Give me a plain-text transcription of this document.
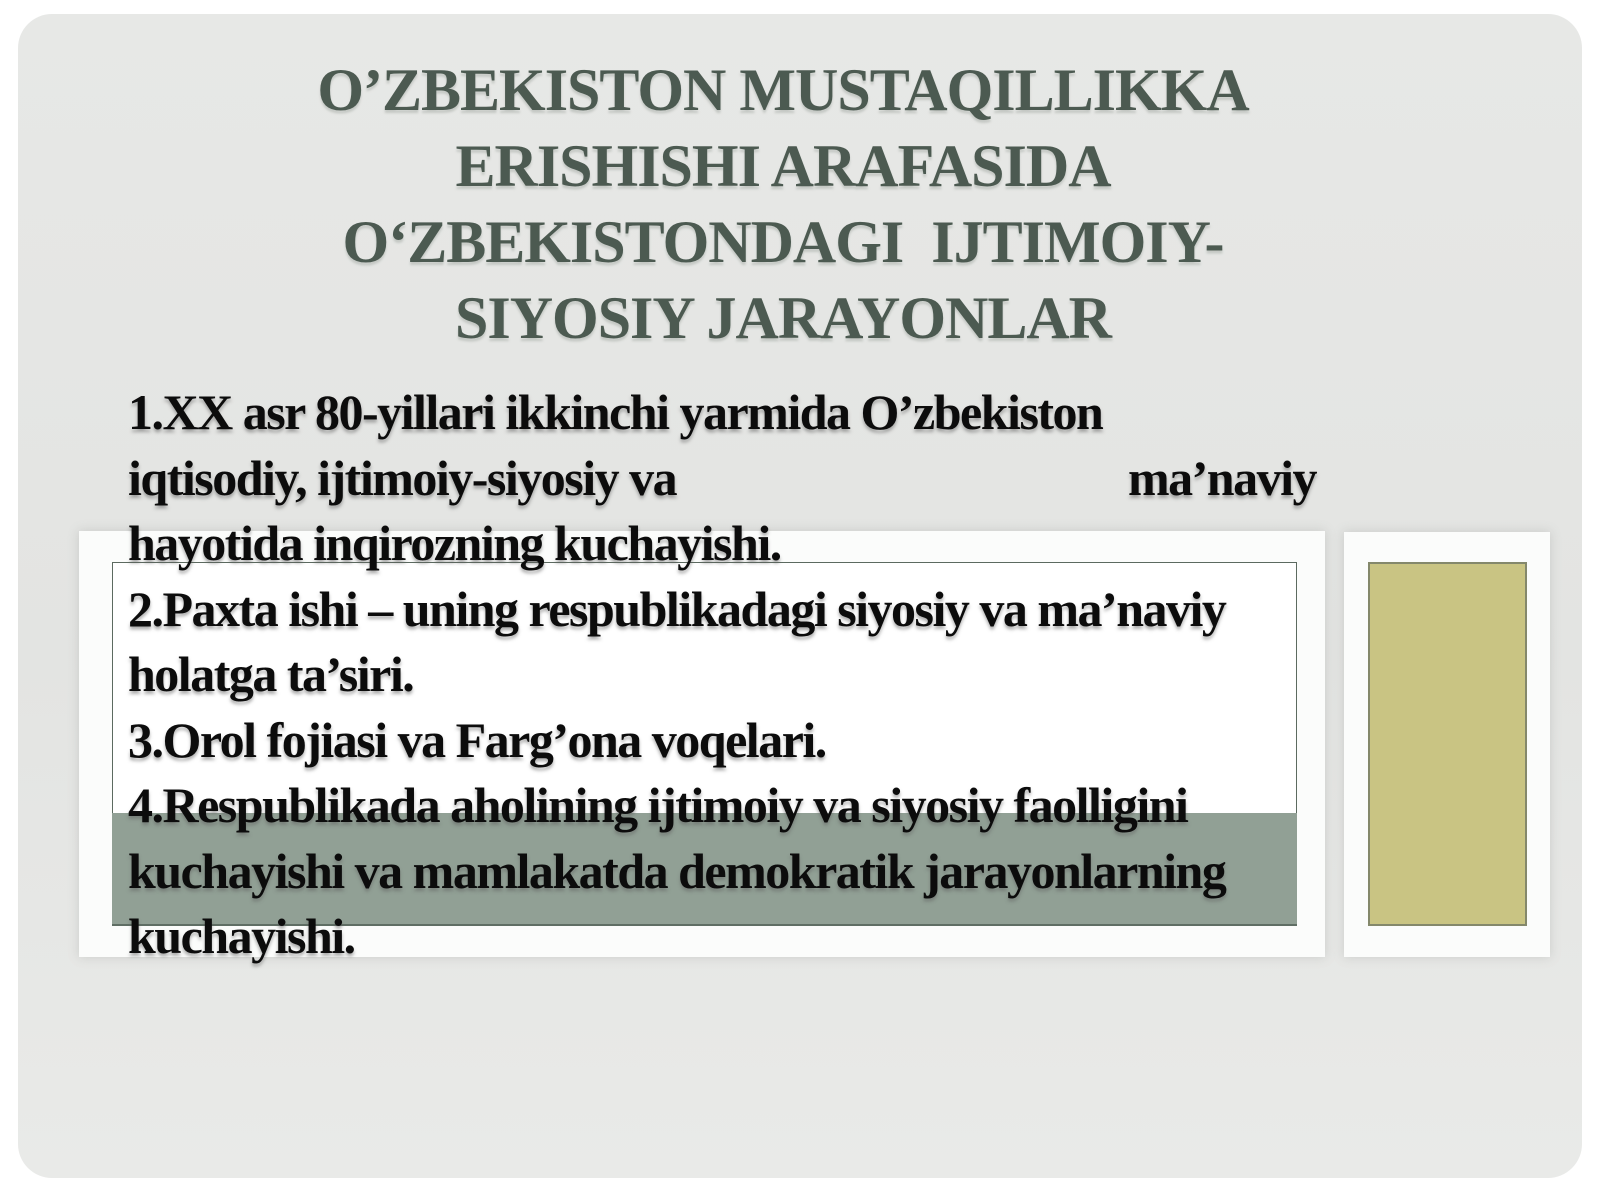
O’ZBEKISTON MUSTAQILLIKKA
ERISHISHI ARAFASIDA
O‘ZBEKISTONDAGI  IJTIMOIY-
SIYOSIY JARAYONLAR
1.XX asr 80-yillari ikkinchi yarmida O’zbekiston
iqtisodiy, ijtimoiy-siyosiy va	ma’naviy
hayotida inqirozning kuchayishi.
2.Paxta ishi – uning respublikadagi siyosiy va ma’naviy
holatga ta’siri.
3.Orol fojiasi va Farg’ona voqelari.
4.Respublikada aholining ijtimoiy va siyosiy faolligini
kuchayishi va mamlakatda demokratik jarayonlarning
kuchayishi.
